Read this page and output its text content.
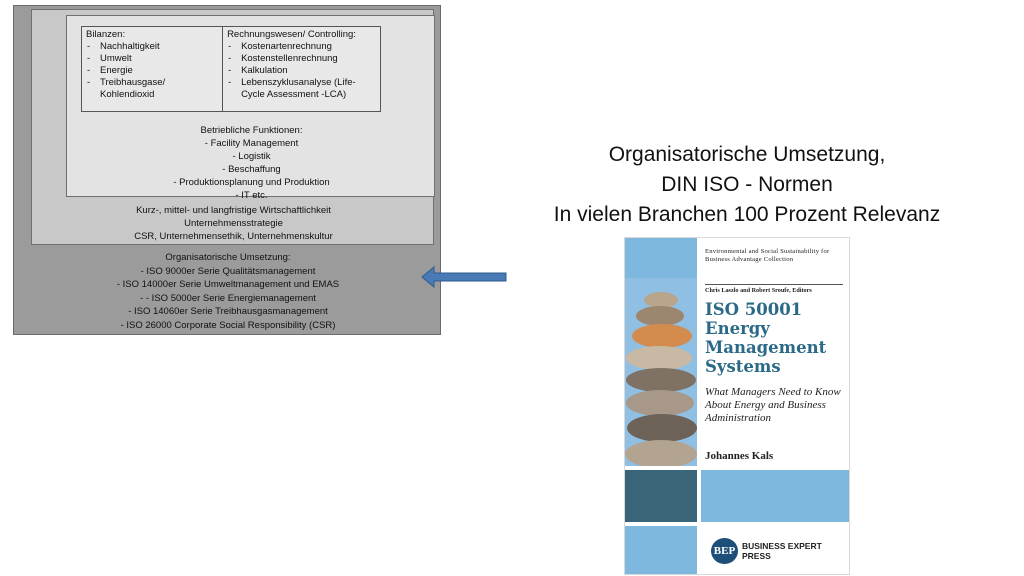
Bilanzen:
- Nachhaltigkeit
- Umwelt
- Energie
- Treibhausgase/ Kohlendioxid
Rechnungswesen/ Controlling:
- Kostenartenrechnung
- Kostenstellenrechnung
- Kalkulation
- Lebenszyklusanalyse (Life-Cycle Assessment -LCA)
Betriebliche Funktionen:
- Facility Management
- Logistik
- Beschaffung
- Produktionsplanung und Produktion
- IT etc.
Kurz-, mittel- und langfristige Wirtschaftlichkeit
Unternehmensstrategie
CSR, Unternehmensethik, Unternehmenskultur
Organisatorische Umsetzung:
- ISO 9000er Serie Qualitätsmanagement
- ISO 14000er Serie Umweltmanagement und EMAS
- - ISO 5000er Serie Energiemanagement
- ISO 14060er Serie Treibhausgasmanagement
- ISO 26000 Corporate Social Responsibility (CSR)
Organisatorische Umsetzung,
DIN ISO - Normen
In vielen Branchen 100 Prozent Relevanz
Environmental and Social Sustainability for Business Advantage Collection
Chris Laszlo and Robert Sroufe, Editors
ISO 50001 Energy Management Systems
What Managers Need to Know About Energy and Business Administration
Johannes Kals
BEP BUSINESS EXPERT PRESS
